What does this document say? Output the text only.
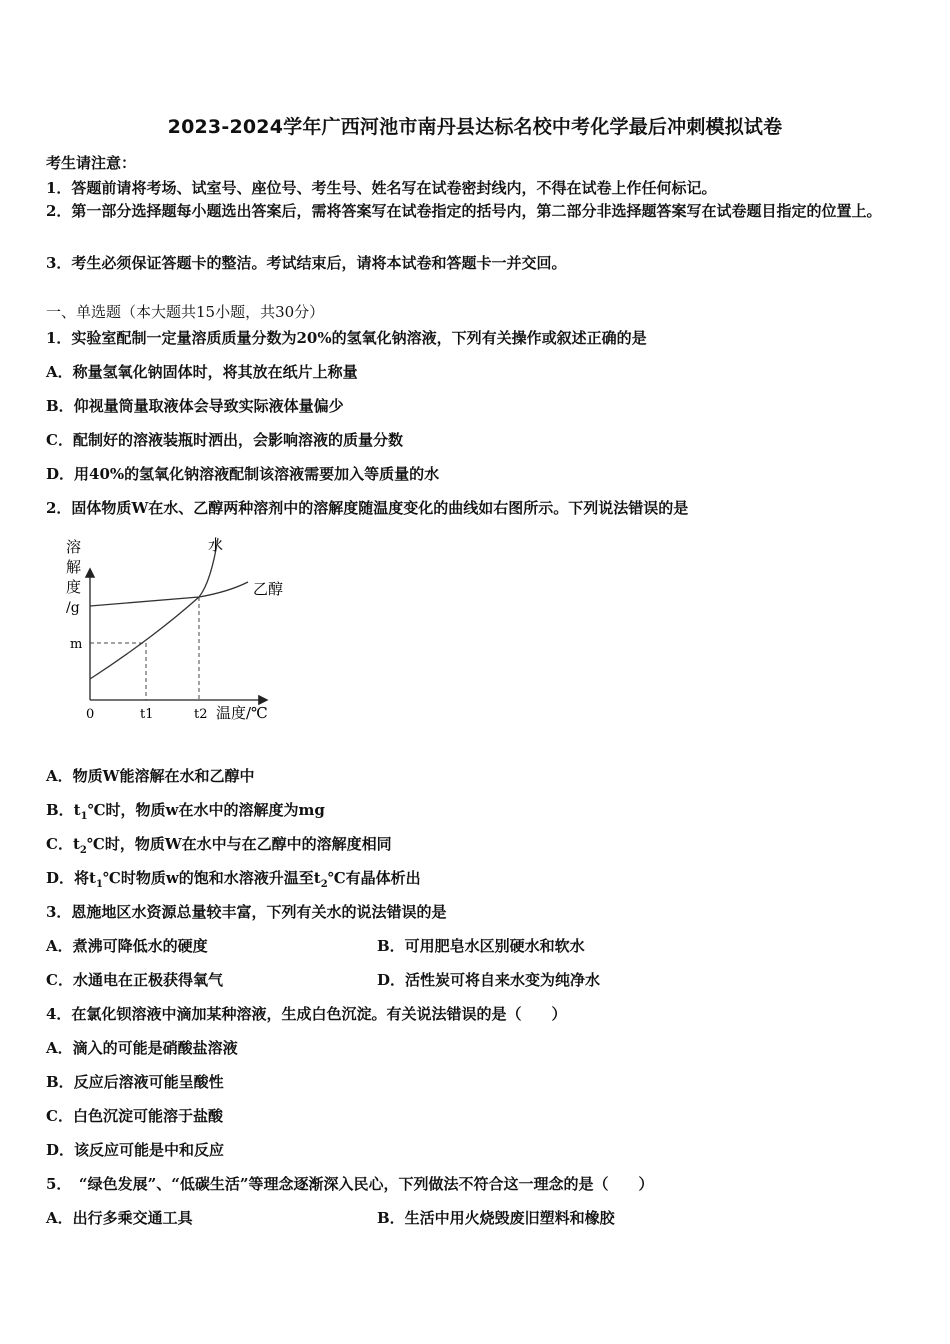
2023-2024学年广西河池市南丹县达标名校中考化学最后冲刺模拟试卷
考生请注意：
1．答题前请将考场、试室号、座位号、考生号、姓名写在试卷密封线内，不得在试卷上作任何标记。
2．第一部分选择题每小题选出答案后，需将答案写在试卷指定的括号内，第二部分非选择题答案写在试卷题目指定的位置上。
3．考生必须保证答题卡的整洁。考试结束后，请将本试卷和答题卡一并交回。
一、单选题（本大题共15小题，共30分）
1．实验室配制一定量溶质质量分数为20%的氢氧化钠溶液，下列有关操作或叙述正确的是
A．称量氢氧化钠固体时，将其放在纸片上称量
B．仰视量筒量取液体会导致实际液体量偏少
C．配制好的溶液装瓶时洒出，会影响溶液的质量分数
D．用40%的氢氧化钠溶液配制该溶液需要加入等质量的水
2．固体物质W在水、乙醇两种溶剂中的溶解度随温度变化的曲线如右图所示。下列说法错误的是
溶
解
度
/g
0
m
t1	t2 温度/℃
水
乙醇
A．物质W能溶解在水和乙醇中
B．$t_1℃$时，物质w在水中的溶解度为mg
C．$t_2℃$时，物质W在水中与在乙醇中的溶解度相同
D．将$t_1℃$时物质w的饱和水溶液升温至$t_2℃$有晶体析出
3．恩施地区水资源总量较丰富，下列有关水的说法错误的是
A．煮沸可降低水的硬度	B．可用肥皂水区别硬水和软水
C．水通电在正极获得氧气	D．活性炭可将自来水变为纯净水
4．在氯化钡溶液中滴加某种溶液，生成白色沉淀。有关说法错误的是（　　）
A．滴入的可能是硝酸盐溶液
B．反应后溶液可能呈酸性
C．白色沉淀可能溶于盐酸
D．该反应可能是中和反应
5．　“绿色发展”、“低碳生活”等理念逐渐深入民心，下列做法不符合这一理念的是（　　）
A．出行多乘交通工具	B．生活中用火烧毁废旧塑料和橡胶
